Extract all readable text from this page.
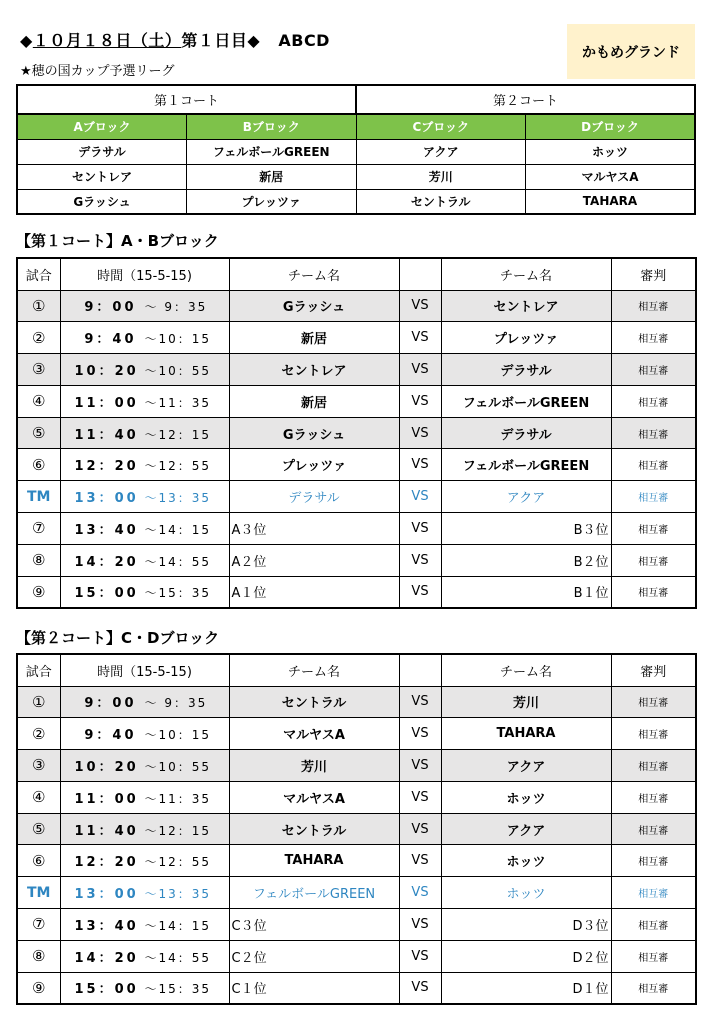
◆１０月１８日（土）第１日目◆ ABCD
★穂の国カップ予選リーグ
かもめグランド
第１コート		第２コート	
Aブロック	Bブロック	Cブロック	Dブロック
デラサル	フェルボールGREEN	アクア	ホッツ
セントレア	新居	芳川	マルヤスA
Gラッシュ	プレッツァ	セントラル	TAHARA
【第１コート】A・Bブロック
試合	時間（15-5-15)	チーム名		チーム名	審判
①	9：00 ～ 9：35	Gラッシュ	VS	セントレア	相互審
②	9：40 ～10：15	新居	VS	プレッツァ	相互審
③	10：20 ～10：55	セントレア	VS	デラサル	相互審
④	11：00 ～11：35	新居	VS	フェルボールGREEN	相互審
⑤	11：40 ～12：15	Gラッシュ	VS	デラサル	相互審
⑥	12：20 ～12：55	プレッツァ	VS	フェルボールGREEN	相互審
TM	13：00 ～13：35	デラサル	VS	アクア	相互審
⑦	13：40 ～14：15	A３位	VS	B３位	相互審
⑧	14：20 ～14：55	A２位	VS	B２位	相互審
⑨	15：00 ～15：35	A１位	VS	B１位	相互審
【第２コート】C・Dブロック
試合	時間（15-5-15)	チーム名		チーム名	審判
①	9：00 ～ 9：35	セントラル	VS	芳川	相互審
②	9：40 ～10：15	マルヤスA	VS	TAHARA	相互審
③	10：20 ～10：55	芳川	VS	アクア	相互審
④	11：00 ～11：35	マルヤスA	VS	ホッツ	相互審
⑤	11：40 ～12：15	セントラル	VS	アクア	相互審
⑥	12：20 ～12：55	TAHARA	VS	ホッツ	相互審
TM	13：00 ～13：35	フェルボールGREEN	VS	ホッツ	相互審
⑦	13：40 ～14：15	C３位	VS	D３位	相互審
⑧	14：20 ～14：55	C２位	VS	D２位	相互審
⑨	15：00 ～15：35	C１位	VS	D１位	相互審
